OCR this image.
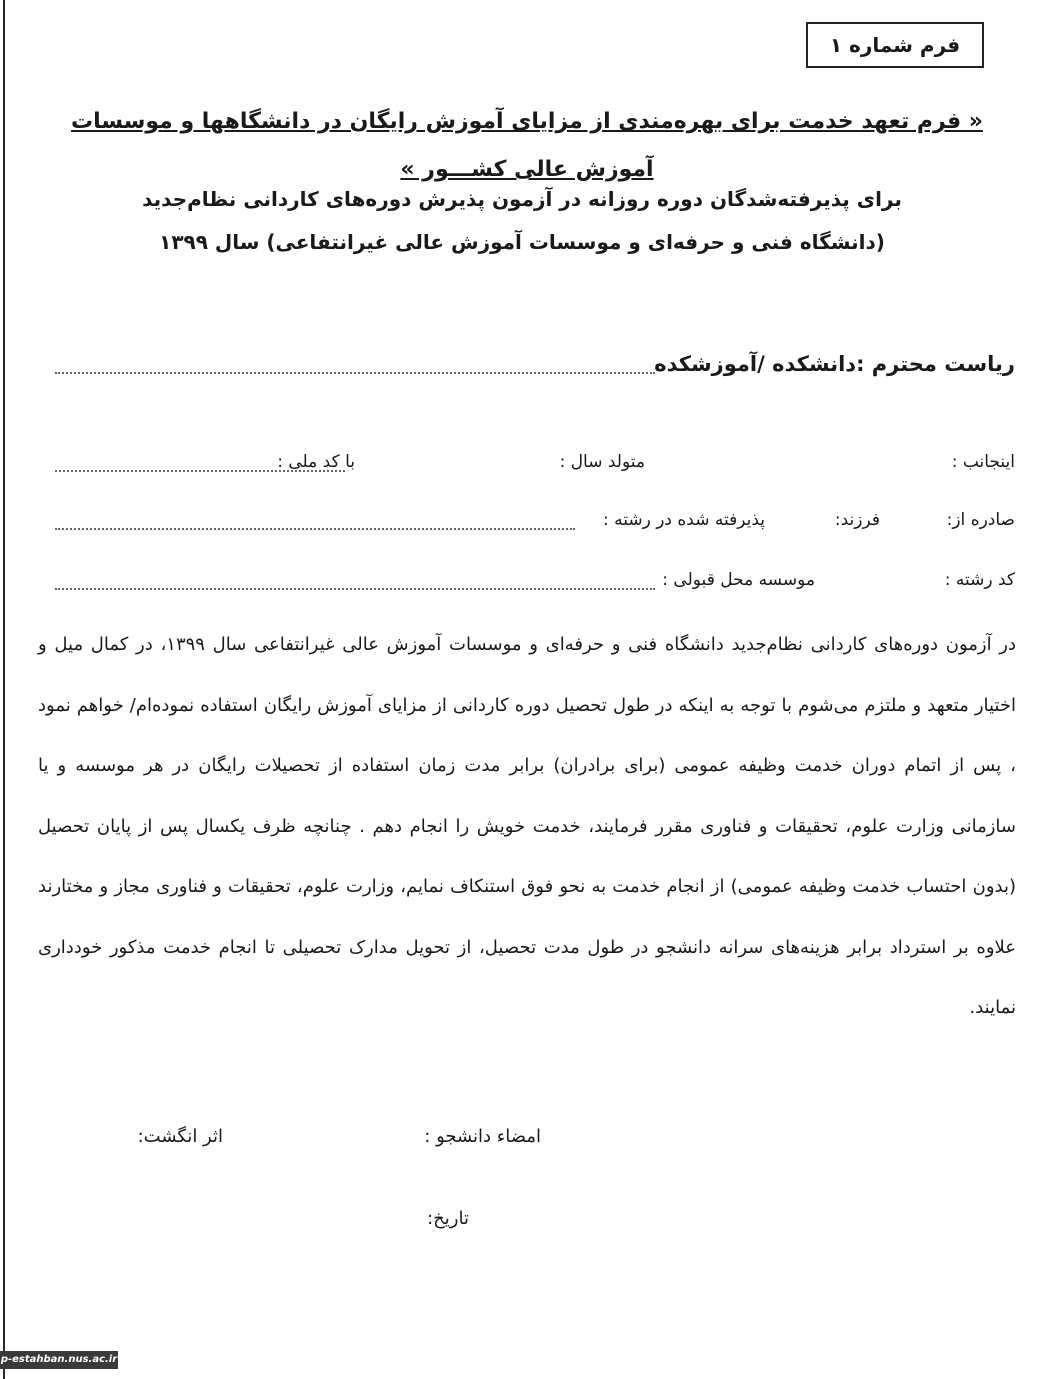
فرم شماره ۱
« فرم تعهد خدمت برای بهره‌مندی از مزایای آموزش رایگان در دانشگاهها و موسسات آموزش عالی کشـــور »
برای پذیرفته‌شدگان دوره روزانه در آزمون پذیرش دوره‌های کاردانی نظام‌جدید
(دانشگاه فنی و حرفه‌ای و موسسات آموزش عالی غیرانتفاعی) سال ۱۳۹۹
ریاست محترم :دانشکده /آموزشکده
اینجانب :
متولد سال :
با کد ملی :
صادره از:
فرزند:
پذیرفته شده در رشته :
کد رشته :
موسسه محل قبولی :
در آزمون دوره‌های کاردانی نظام‌جدید دانشگاه فنی و حرفه‌ای و موسسات آموزش عالی غیرانتفاعی سال ۱۳۹۹، در کمال میل و اختیار متعهد و ملتزم می‌شوم با توجه به اینکه در طول تحصیل دوره کاردانی از مزایای آموزش رایگان استفاده نموده‌ام/ خواهم نمود ، پس از اتمام دوران خدمت وظیفه عمومی (برای برادران) برابر مدت زمان استفاده از تحصیلات رایگان در هر موسسه و یا سازمانی وزارت علوم، تحقیقات و فناوری مقرر فرمایند، خدمت خویش را انجام دهم . چنانچه ظرف یکسال پس از پایان تحصیل (بدون احتساب خدمت وظیفه عمومی) از انجام خدمت به نحو فوق استنکاف نمایم، وزارت علوم، تحقیقات و فناوری مجاز و مختارند علاوه بر استرداد برابر هزینه‌های سرانه دانشجو در طول مدت تحصیل، از تحویل مدارک تحصیلی تا انجام خدمت مذکور خودداری نمایند.
امضاء دانشجو :
اثر انگشت:
تاریخ:
p-estahban.nus.ac.ir
